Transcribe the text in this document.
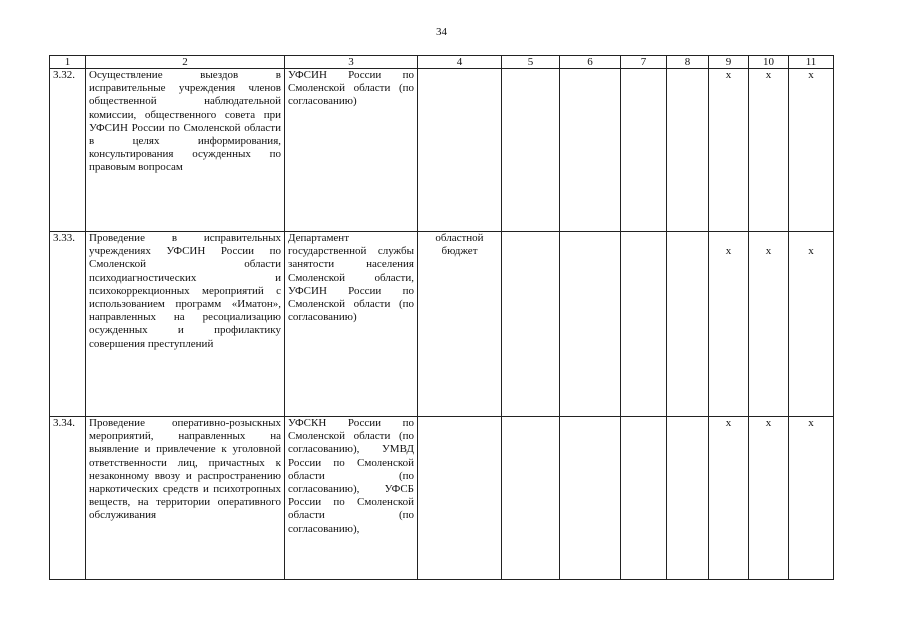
34
1	2	3	4	5	6	7	8	9	10	11
3.32.	Осуществление выездов в исправительные учреждения членов общественной наблюдательной комиссии, общественного совета при УФСИН России по Смоленской области в целях информирования, консультирования осужденных по правовым вопросам	УФСИН России по Смоленской области (по согласованию)						х	х	х
3.33.	Проведение в исправительных учреждениях УФСИН России по Смоленской области психодиагностических и психокоррекционных мероприятий с использованием программ «Иматон», направленных на ресоциализацию осужденных и профилактику совершения преступлений	Департамент государственной службы занятости населения Смоленской области, УФСИН России по Смоленской области (по согласованию)	областной бюджет					х	х	х
3.34.	Проведение оперативно-розыскных мероприятий, направленных на выявление и привлечение к уголовной ответственности лиц, причастных к незаконному ввозу и распространению наркотических средств и психотропных веществ, на территории оперативного обслуживания	УФСКН России по Смоленской области (по согласованию), УМВД России по Смоленской области (по согласованию), УФСБ России по Смоленской области (по согласованию),						х	х	х
